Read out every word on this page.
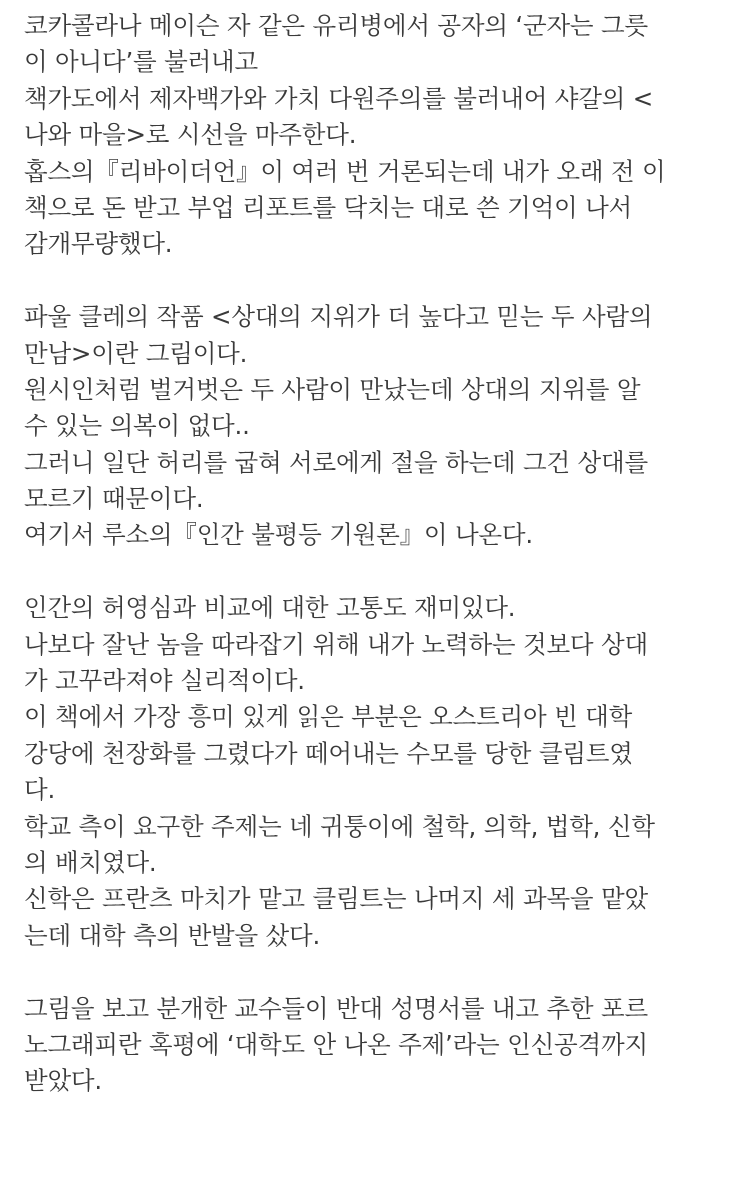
코카콜라나 메이슨 자 같은 유리병에서 공자의 ‘군자는 그릇
이 아니다’를 불러내고
책가도에서 제자백가와 가치 다원주의를 불러내어 샤갈의 <
나와 마을>로 시선을 마주한다.
홉스의『리바이더언』이 여러 번 거론되는데 내가 오래 전 이
책으로 돈 받고 부업 리포트를 닥치는 대로 쓴 기억이 나서
감개무량했다.
파울 클레의 작품 <상대의 지위가 더 높다고 믿는 두 사람의
만남>이란 그림이다.
원시인처럼 벌거벗은 두 사람이 만났는데 상대의 지위를 알
수 있는 의복이 없다..
그러니 일단 허리를 굽혀 서로에게 절을 하는데 그건 상대를
모르기 때문이다.
여기서 루소의『인간 불평등 기원론』이 나온다.
인간의 허영심과 비교에 대한 고통도 재미있다.
나보다 잘난 놈을 따라잡기 위해 내가 노력하는 것보다 상대
가 고꾸라져야 실리적이다.
이 책에서 가장 흥미 있게 읽은 부분은 오스트리아 빈 대학
강당에 천장화를 그렸다가 떼어내는 수모를 당한 클림트였
다.
학교 측이 요구한 주제는 네 귀퉁이에 철학, 의학, 법학, 신학
의 배치였다.
신학은 프란츠 마치가 맡고 클림트는 나머지 세 과목을 맡았
는데 대학 측의 반발을 샀다.
그림을 보고 분개한 교수들이 반대 성명서를 내고 추한 포르
노그래피란 혹평에 ‘대학도 안 나온 주제’라는 인신공격까지
받았다.
